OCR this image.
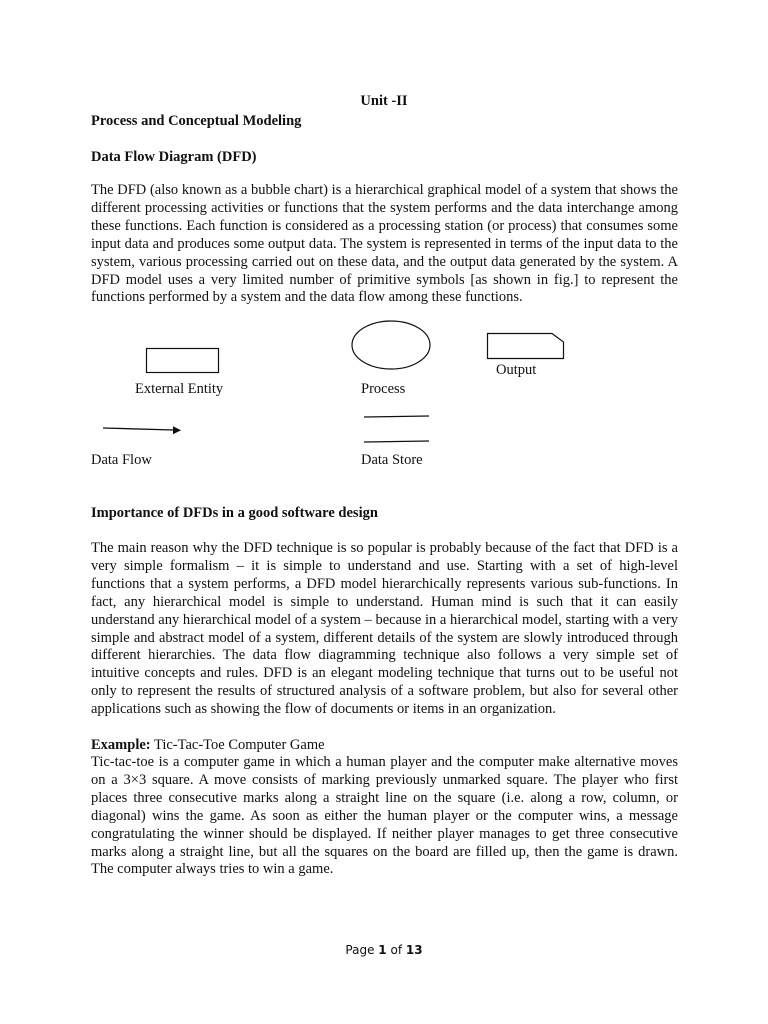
Unit -II
Process and Conceptual Modeling
Data Flow Diagram (DFD)
The DFD (also known as a bubble chart) is a hierarchical graphical model of a system that shows the different processing activities or functions that the system performs and the data interchange among these functions. Each function is considered as a processing station (or process) that consumes some input data and produces some output data. The system is represented in terms of the input data to the system, various processing carried out on these data, and the output data generated by the system. A DFD model uses a very limited number of primitive symbols [as shown in fig.] to represent the functions performed by a system and the data flow among these functions.
Output
External Entity	Process
Data Flow	Data Store
Importance of DFDs in a good software design
The main reason why the DFD technique is so popular is probably because of the fact that DFD is a very simple formalism – it is simple to understand and use. Starting with a set of high-level functions that a system performs, a DFD model hierarchically represents various sub-functions. In fact, any hierarchical model is simple to understand. Human mind is such that it can easily understand any hierarchical model of a system – because in a hierarchical model, starting with a very simple and abstract model of a system, different details of the system are slowly introduced through different hierarchies. The data flow diagramming technique also follows a very simple set of intuitive concepts and rules. DFD is an elegant modeling technique that turns out to be useful not only to represent the results of structured analysis of a software problem, but also for several other applications such as showing the flow of documents or items in an organization.
Example: Tic-Tac-Toe Computer Game
Tic-tac-toe is a computer game in which a human player and the computer make alternative moves on a 3×3 square. A move consists of marking previously unmarked square. The player who first places three consecutive marks along a straight line on the square (i.e. along a row, column, or diagonal) wins the game. As soon as either the human player or the computer wins, a message congratulating the winner should be displayed. If neither player manages to get three consecutive marks along a straight line, but all the squares on the board are filled up, then the game is drawn. The computer always tries to win a game.
Page 1 of 13
